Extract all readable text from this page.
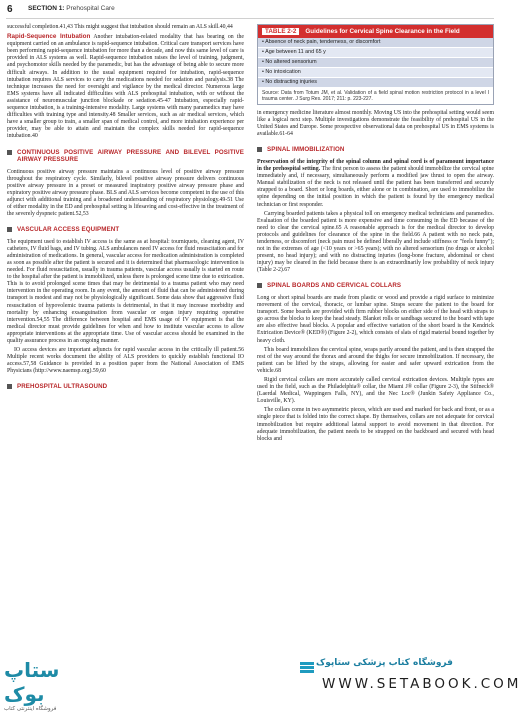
6 SECTION 1: Prehospital Care

successful completion.41,43 This might suggest that intubation should remain an ALS skill.40,44

Rapid-Sequence Intubation Another intubation-related modality that has bearing on the equipment carried on an ambulance is rapid-sequence intubation. Critical care transport services have been performing rapid-sequence intubation for more than a decade, and now this same level of care is provided in ALS systems as well. Rapid-sequence intubation raises the level of training, judgment, and psychomotor skills needed by the paramedic, but has the advantage of being able to secure more difficult airways. In addition to the usual equipment required for intubation, rapid-sequence intubation requires ALS services to carry the medications needed for sedation and paralysis.38 The technique increases the need for oversight and vigilance by the medical director. Numerous large EMS systems have all indicated difficulties with ALS prehospital intubation, with or without the assistance of neuromuscular junction blockade or sedation.45-47 Intubation, especially rapid-sequence intubation, is a training-intensive modality. Large systems with many paramedics may have difficulties with training type and intensity.48 Smaller services, such as air medical services, which have a smaller group to train, a smaller span of medical control, and more intubation experience per provider, may be able to attain and maintain the complex skills needed for rapid-sequence intubation.40

CONTINUOUS POSITIVE AIRWAY PRESSURE AND BILEVEL POSITIVE AIRWAY PRESSURE

Continuous positive airway pressure maintains a continuous level of positive airway pressure throughout the respiratory cycle. Similarly, bilevel positive airway pressure delivers continuous positive airway pressure in a preset or measured inspiratory positive airway pressure phase and expiratory positive airway pressure phase. BLS and ALS services become competent in the use of this adjunct with additional training and a broadened understanding of respiratory physiology.49-51 Use of either modality in the ED and prehospital setting is lifesaving and cost-effective in the treatment of the severely dyspneic patient.52,53

VASCULAR ACCESS EQUIPMENT

The equipment used to establish IV access is the same as at hospital: tourniquets, cleaning agent, IV catheters, IV fluid bags, and IV tubing. ALS ambulances need IV access for fluid resuscitation and for administration of medications. In general, vascular access for medication administration is completed as soon as possible after the patient is secured and it is determined that pharmacologic intervention is needed. For fluid resuscitation, usually in trauma patients, vascular access usually is started en route to the hospital after the patient is immobilized, unless there is prolonged scene time due to extrication. This is to avoid prolonged scene times that may be detrimental to a trauma patient who may need intervention in the operating room. In any event, the amount of fluid that can be administered during transport is modest and may not be physiologically significant. Some data show that aggressive fluid resuscitation of hypovolemic trauma patients is detrimental, in that it may increase morbidity and mortality by enhancing exsanguination from vascular or organ injury requiring operative intervention.54,55 The difference between hospital and EMS usage of IV equipment is that the medical director must provide guidelines for when and how to institute vascular access to allow appropriate interventions at the appropriate time. Use of vascular access should be examined in the quality assurance process in an ongoing manner.

IO access devices are important adjuncts for rapid vascular access in the critically ill patient.56 Multiple recent works document the ability of ALS providers to quickly establish functional IO access.57,58 Guidance is provided in a position paper from the National Association of EMS Physicians (http://www.naemsp.org).59,60

PREHOSPITAL ULTRASOUND
TABLE 2-2	Guidelines for Cervical Spine Clearance in the Field
• Absence of neck pain, tenderness, or discomfort
• Age between 11 and 65 y
• No altered sensorium
• No intoxication
• No distracting injuries
Source: Data from Totum JM, et al. Validation of a field spinal motion restriction protocol in a level I trauma center. J Surg Res. 2017; 211: p. 223-227.

in emergency medicine literature almost monthly. Moving US into the prehospital setting would seem like a logical next step. Multiple investigations demonstrate the feasibility of prehospital US in the United States and Europe. Some prospective observational data on prehospital US in EMS systems is available.61-64

SPINAL IMMOBILIZATION

Preservation of the integrity of the spinal column and spinal cord is of paramount importance in the prehospital setting. The first person to assess the patient should immobilize the cervical spine immediately and, if necessary, simultaneously perform a modified jaw thrust to open the airway. Manual stabilization of the neck is not released until the patient has been transferred and securely strapped to a board. Short or long boards, either alone or in combination, are used to immobilize the spine depending on the initial position in which the patient is found by the emergency medical technician or first responder.

Carrying boarded patients takes a physical toll on emergency medical technicians and paramedics. Evaluation of the boarded patient is more expensive and time consuming in the ED because of the need to clear the cervical spine.65 A reasonable approach is for the medical director to develop protocols and guidelines for clearance of the spine in the field.66 A patient with no neck pain, tenderness, or discomfort (neck pain must be defined liberally and include stiffness or "feels funny"); not in the extremes of age (<10 years or >65 years); with no altered sensorium (no drugs or alcohol present, no head injury); and with no distracting injuries (long-bone fracture, abdominal or chest injury) may be cleared in the field because there is an extraordinarily low probability of neck injury (Table 2-2).67

SPINAL BOARDS AND CERVICAL COLLARS

Long or short spinal boards are made from plastic or wood and provide a rigid surface to minimize movement of the cervical, thoracic, or lumbar spine. Straps secure the patient to the board for transport. Some boards are provided with firm rubber blocks on either side of the head with straps to go across the blocks to keep the head steady. Blanket rolls or sandbags secured to the board with tape are also effective head blocks. A popular and effective variation of the short board is the Kendrick Extrication Device® (KED®) (Figure 2-2), which consists of slats of rigid material bound together by heavy cloth.

This board immobilizes the cervical spine, wraps partly around the patient, and is then strapped the rest of the way around the thorax and around the thighs for secure immobilization. If necessary, the patient can be lifted by the straps, allowing for easier and safer upward extrication from the vehicle.68

Rigid cervical collars are more accurately called cervical extrication devices. Multiple types are used in the field, such as the Philadelphia® collar, the Miami J® collar (Figure 2-3), the Stifneck® (Laerdal Medical, Wappingers Falls, NY), and the Nec Loc® (Junkin Safety Appliance Co., Louisville, KY).

The collars come in two asymmetric pieces, which are used and marked for back and front, or as a single piece that is folded into the correct shape. By themselves, collars are not adequate for cervical immobilization but require additional lateral support to avoid movement in that direction. For adequate immobilization, the patient needs to be strapped on the backboard and secured with head blocks and

ستاپ بوک
فروشگاه اینترنتی کتاب
فروشگاه کتاب پزشکی ستاپوک
WWW.SETABOOK.COM
